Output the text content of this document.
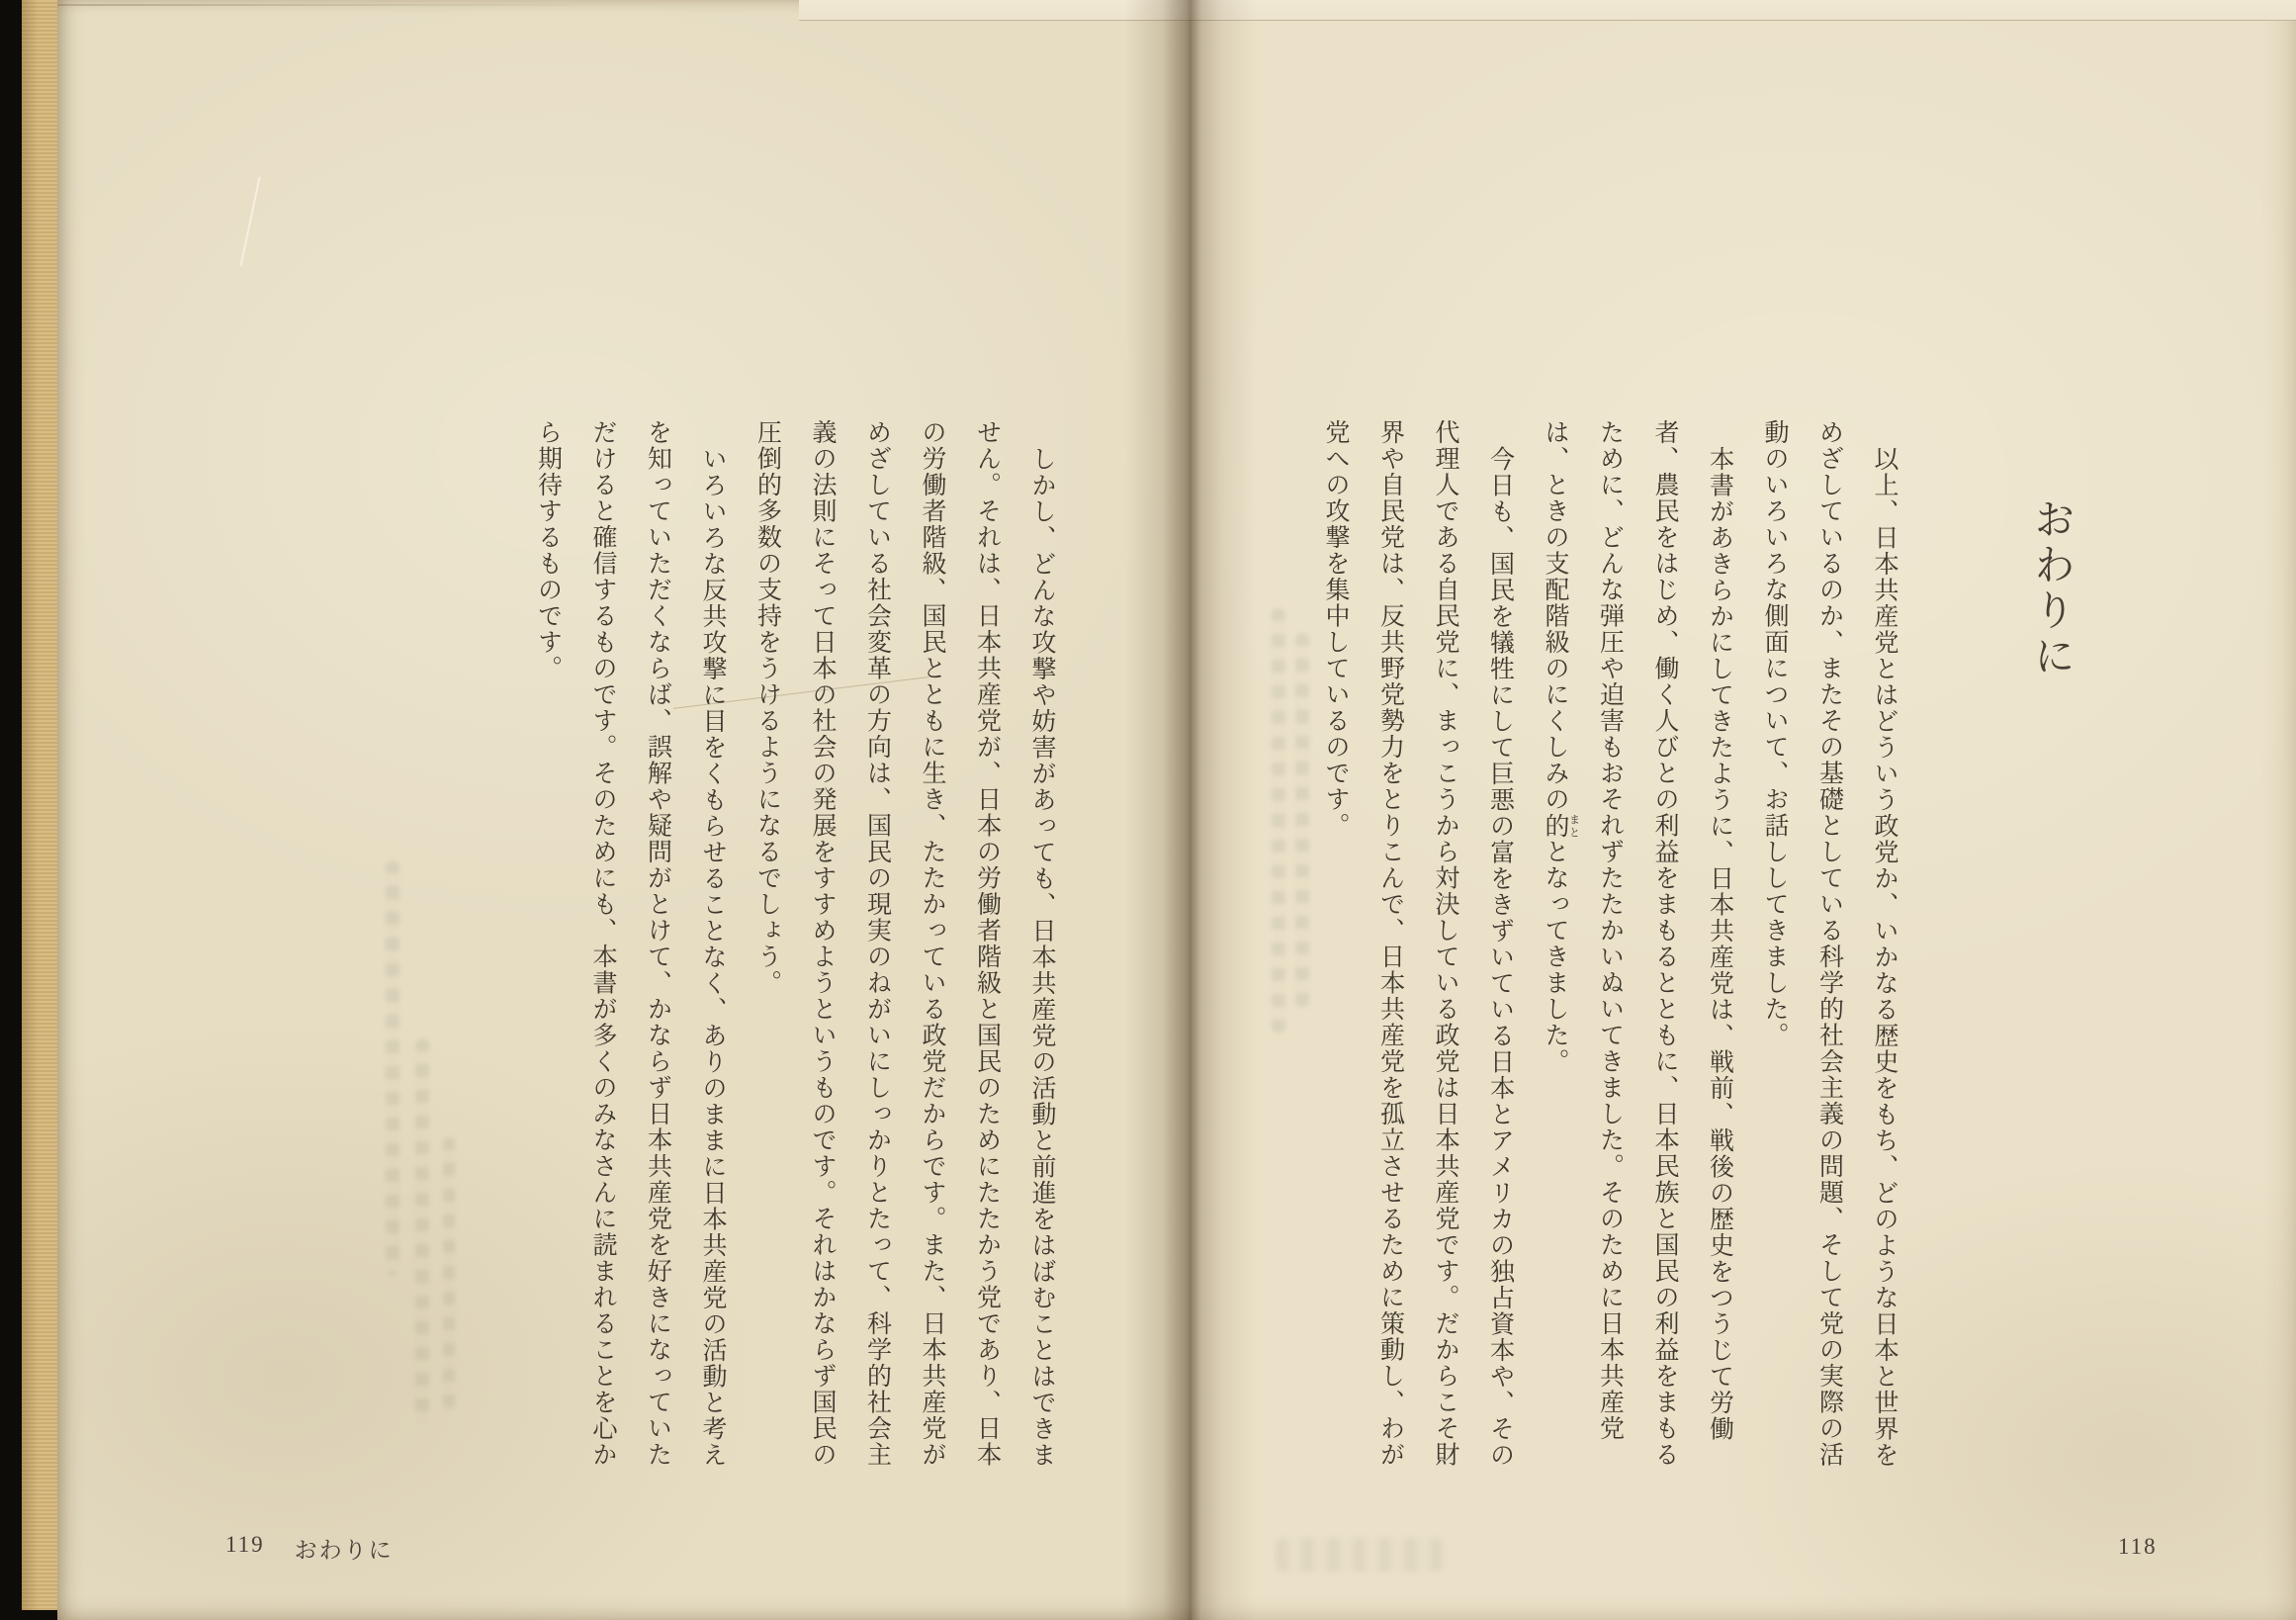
しかし、どんな攻撃や妨害があっても、日本共産党の活動と前進をはばむことはできま
せん。それは、日本共産党が、日本の労働者階級と国民のためにたたかう党であり、日本
の労働者階級、国民とともに生き、たたかっている政党だからです。また、日本共産党が
めざしている社会変革の方向は、国民の現実のねがいにしっかりとたって、科学的社会主
義の法則にそって日本の社会の発展をすすめようというものです。それはかならず国民の
圧倒的多数の支持をうけるようになるでしょう。
いろいろな反共攻撃に目をくもらせることなく、ありのままに日本共産党の活動と考え
を知っていただくならば、誤解や疑問がとけて、かならず日本共産党を好きになっていた
だけると確信するものです。そのためにも、本書が多くのみなさんに読まれることを心か
ら期待するものです。
119 おわりに
おわりに
以上、日本共産党とはどういう政党か、いかなる歴史をもち、どのような日本と世界を
めざしているのか、またその基礎としている科学的社会主義の問題、そして党の実際の活
動のいろいろな側面について、お話ししてきました。
本書があきらかにしてきたように、日本共産党は、戦前、戦後の歴史をつうじて労働
者、農民をはじめ、働く人びとの利益をまもるとともに、日本民族と国民の利益をまもる
ために、どんな弾圧や迫害もおそれずたたかいぬいてきました。そのために日本共産党
は、ときの支配階級のにくしみの的 まととなってきました。
今日も、国民を犠牲にして巨悪の富をきずいている日本とアメリカの独占資本や、その
代理人である自民党に、まっこうから対決している政党は日本共産党です。だからこそ財
界や自民党は、反共野党勢力をとりこんで、日本共産党を孤立させるために策動し、わが
党への攻撃を集中しているのです。
118
